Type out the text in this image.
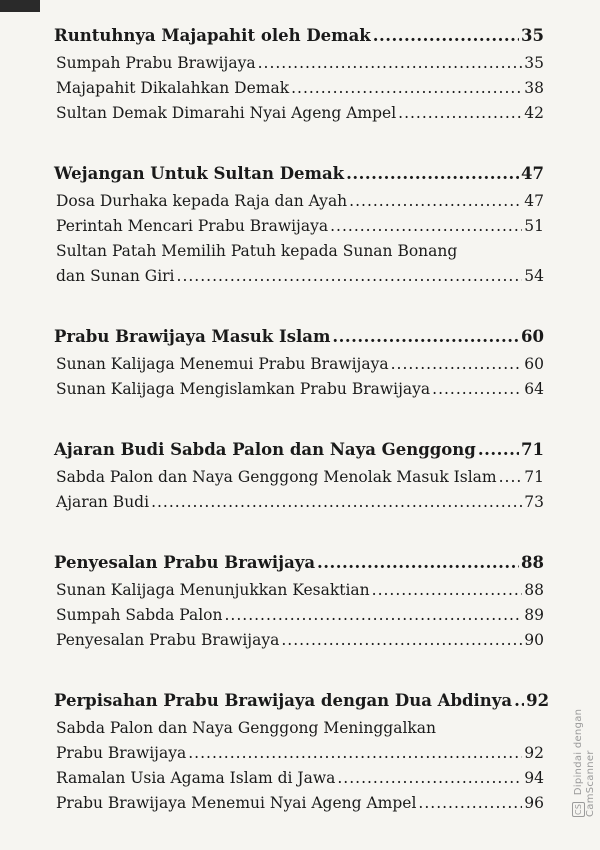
Runtuhnya Majapahit oleh Demak .....	35
Sumpah Prabu Brawijaya .....	35
Majapahit Dikalahkan Demak .....	38
Sultan Demak Dimarahi Nyai Ageng Ampel .....	42
Wejangan Untuk Sultan Demak .....	47
Dosa Durhaka kepada Raja dan Ayah .....	47
Perintah Mencari Prabu Brawijaya .....	51
Sultan Patah Memilih Patuh kepada Sunan Bonang
dan Sunan Giri .....	54
Prabu Brawijaya Masuk Islam .....	60
Sunan Kalijaga Menemui Prabu Brawijaya .....	60
Sunan Kalijaga Mengislamkan Prabu Brawijaya .....	64
Ajaran Budi Sabda Palon dan Naya Genggong .....	71
Sabda Palon dan Naya Genggong Menolak Masuk Islam ..... 71
Ajaran Budi .....	73
Penyesalan Prabu Brawijaya .....	88
Sunan Kalijaga Menunjukkan Kesaktian .....	88
Sumpah Sabda Palon .....	89
Penyesalan Prabu Brawijaya .....	90
Perpisahan Prabu Brawijaya dengan Dua Abdinya ..... 92
Sabda Palon dan Naya Genggong Meninggalkan
Prabu Brawijaya .....	92
Ramalan Usia Agama Islam di Jawa .....	94
Prabu Brawijaya Menemui Nyai Ageng Ampel .....	96	CS Dipindai dengan CamScanner
